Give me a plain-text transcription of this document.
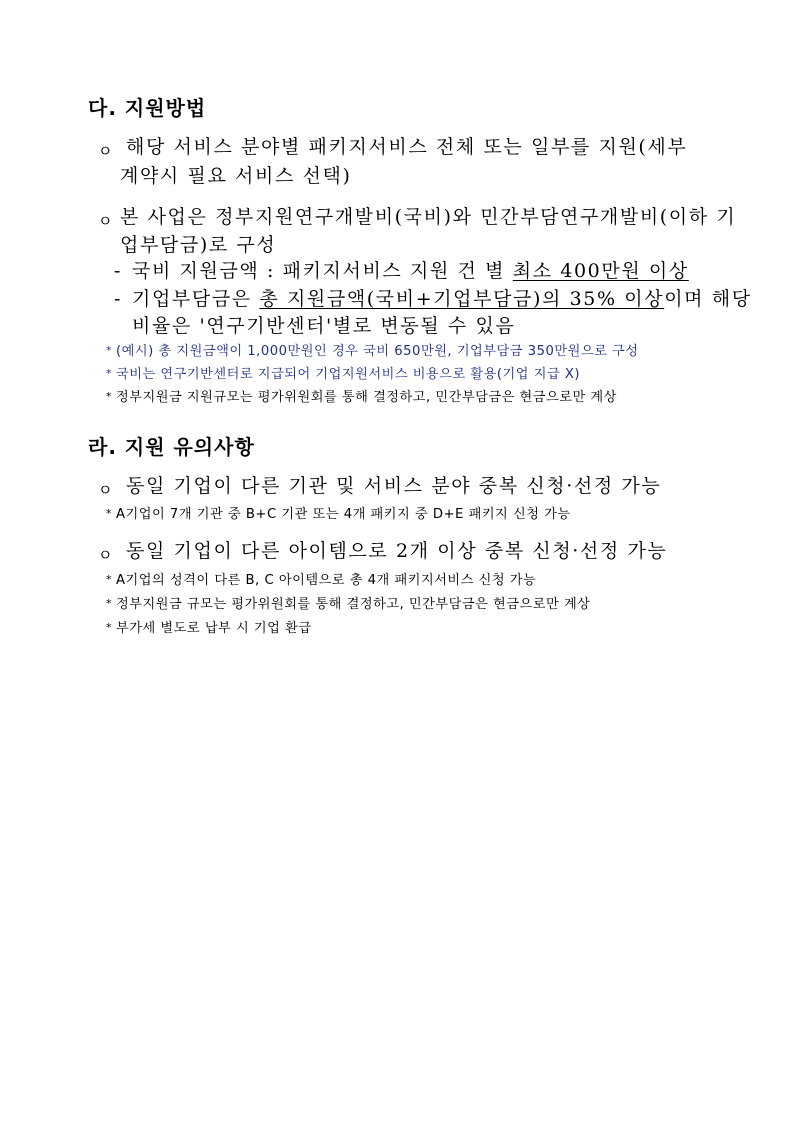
다. 지원방법
ㅇ 해당 서비스 분야별 패키지서비스 전체 또는 일부를 지원(세부
계약시 필요 서비스 선택)
ㅇ 본 사업은 정부지원연구개발비(국비)와 민간부담연구개발비(이하 기
업부담금)로 구성
- 국비 지원금액 : 패키지서비스 지원 건 별 최소 400만원 이상
- 기업부담금은 총 지원금액(국비+기업부담금)의 35% 이상이며 해당
비율은 '연구기반센터'별로 변동될 수 있음
* (예시) 총 지원금액이 1,000만원인 경우 국비 650만원, 기업부담금 350만원으로 구성
* 국비는 연구기반센터로 지급되어 기업지원서비스 비용으로 활용(기업 지급 X)
* 정부지원금 지원규모는 평가위원회를 통해 결정하고, 민간부담금은 현금으로만 계상
라. 지원 유의사항
ㅇ 동일 기업이 다른 기관 및 서비스 분야 중복 신청·선정 가능
* A기업이 7개 기관 중 B+C 기관 또는 4개 패키지 중 D+E 패키지 신청 가능
ㅇ 동일 기업이 다른 아이템으로 2개 이상 중복 신청·선정 가능
* A기업의 성격이 다른 B, C 아이템으로 총 4개 패키지서비스 신청 가능
* 정부지원금 규모는 평가위원회를 통해 결정하고, 민간부담금은 현금으로만 계상
* 부가세 별도로 납부 시 기업 환급
